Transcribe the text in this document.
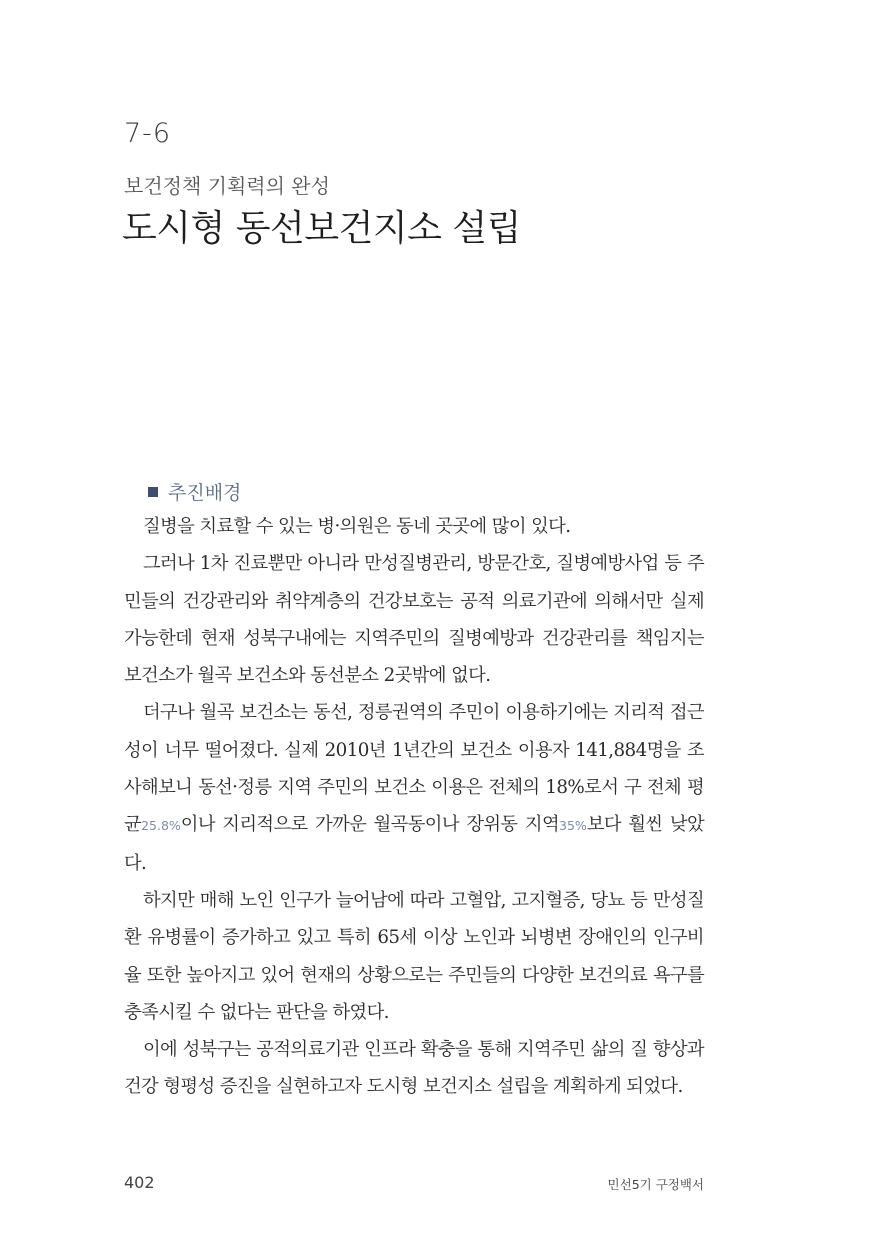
7-6

보건정책 기획력의 완성

도시형 동선보건지소 설립

추진배경

질병을 치료할 수 있는 병·의원은 동네 곳곳에 많이 있다.

그러나 1차 진료뿐만 아니라 만성질병관리, 방문간호, 질병예방사업 등 주민들의 건강관리와 취약계층의 건강보호는 공적 의료기관에 의해서만 실제 가능한데 현재 성북구내에는 지역주민의 질병예방과 건강관리를 책임지는 보건소가 월곡 보건소와 동선분소 2곳밖에 없다.

더구나 월곡 보건소는 동선, 정릉권역의 주민이 이용하기에는 지리적 접근성이 너무 떨어졌다. 실제 2010년 1년간의 보건소 이용자 141,884명을 조사해보니 동선·정릉 지역 주민의 보건소 이용은 전체의 18%로서 구 전체 평균25.8%이나 지리적으로 가까운 월곡동이나 장위동 지역35%보다 훨씬 낮았다.

하지만 매해 노인 인구가 늘어남에 따라 고혈압, 고지혈증, 당뇨 등 만성질환 유병률이 증가하고 있고 특히 65세 이상 노인과 뇌병변 장애인의 인구비율 또한 높아지고 있어 현재의 상황으로는 주민들의 다양한 보건의료 욕구를 충족시킬 수 없다는 판단을 하였다.

이에 성북구는 공적의료기관 인프라 확충을 통해 지역주민 삶의 질 향상과 건강 형평성 증진을 실현하고자 도시형 보건지소 설립을 계획하게 되었다.

402	민선5기 구정백서
